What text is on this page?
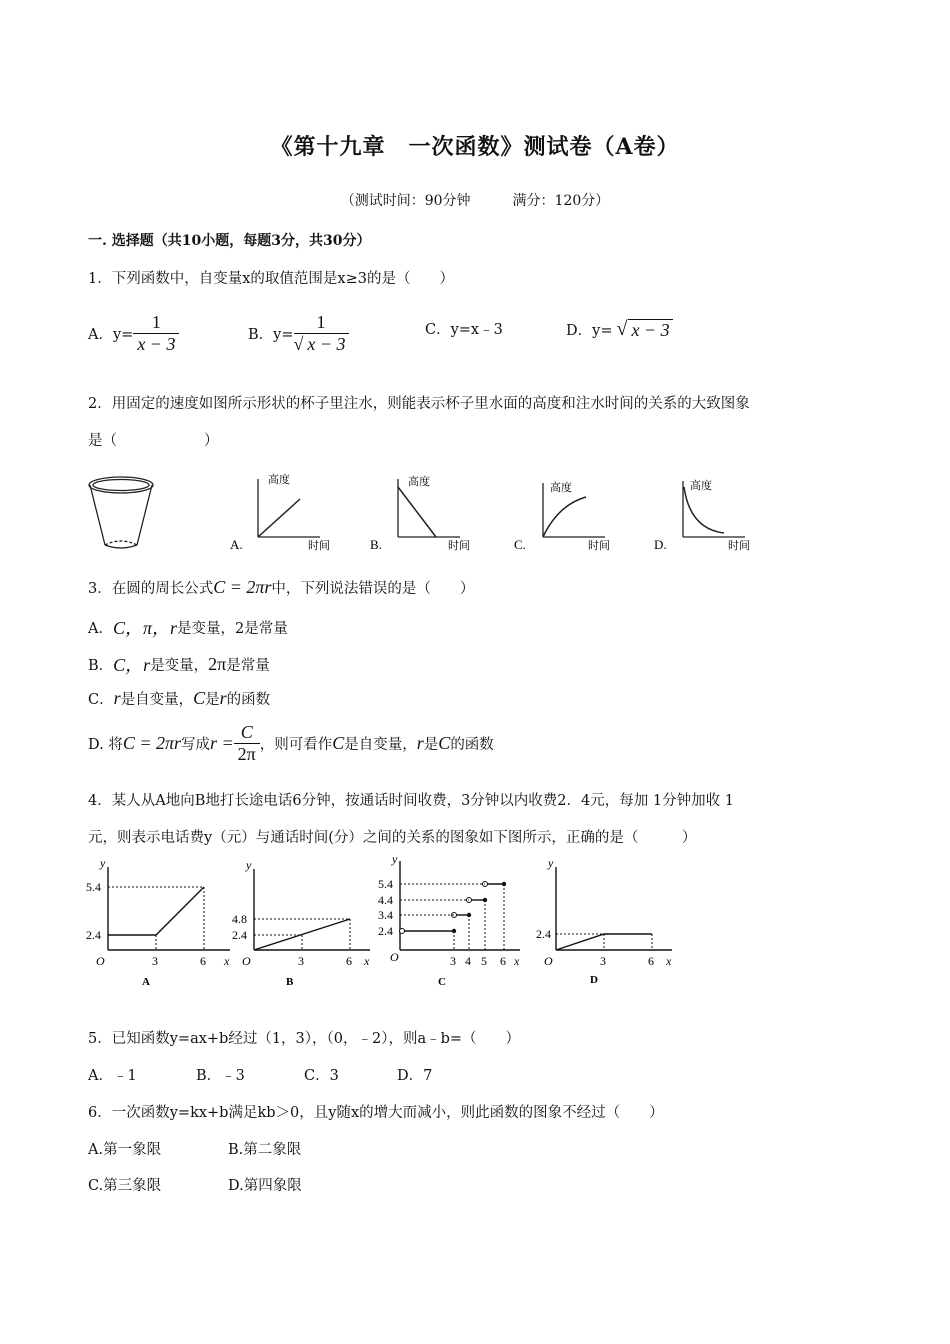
《第十九章　一次函数》测试卷（A卷）
（测试时间：90分钟　　　满分：120分）
一. 选择题（共10小题，每题3分，共30分）
1．下列函数中，自变量x的取值范围是x≥3的是（　　）
A．$y= \frac{1}{x - 3}$	B．$y= \frac{1}{√ x - 3}$	C．y=x﹣3	D．y= √ x − 3
2．用固定的速度如图所示形状的杯子里注水，则能表示杯子里水面的高度和注水时间的关系的大致图象
是（　　　　　　）
高度
时间
A.
高度
时间
B.
高度
时间
C.
高度
时间
D.
3．在圆的周长公式 C = 2πr 中，下列说法错误的是（　　）
A． C，π，r 是变量，2是常量
B． C，r 是变量， 2π 是常量
C． r 是自变量， C 是 r 的函数
D. 将 C = 2πr 写成 $r = \frac{C}{2\pi}$ ，则可看作 C 是自变量， r 是 C 的函数
4．某人从A地向B地打长途电话6分钟，按通话时间收费，3分钟以内收费2．4元，每加 1分钟加收 1
元，则表示电话费y（元）与通话时间(分）之间的关系的图象如下图所示，正确的是（　　　）
y
x
O
5.4
2.4
3	6
A
y
x
O
4.8
2.4
3	6
B
y
x
O
5.4
4.4
3.4
2.4
3 4 5 6
C
y
x
O
2.4
3	6
D
5．已知函数y=ax+b经过（1，3），（0，﹣2），则a﹣b=（　　）
A．﹣1	B．﹣3	C．3	D．7
6．一次函数y=kx+b满足kb＞0，且y随x的增大而减小，则此函数的图象不经过（　　）
A.第一象限	B.第二象限
C.第三象限	D.第四象限
